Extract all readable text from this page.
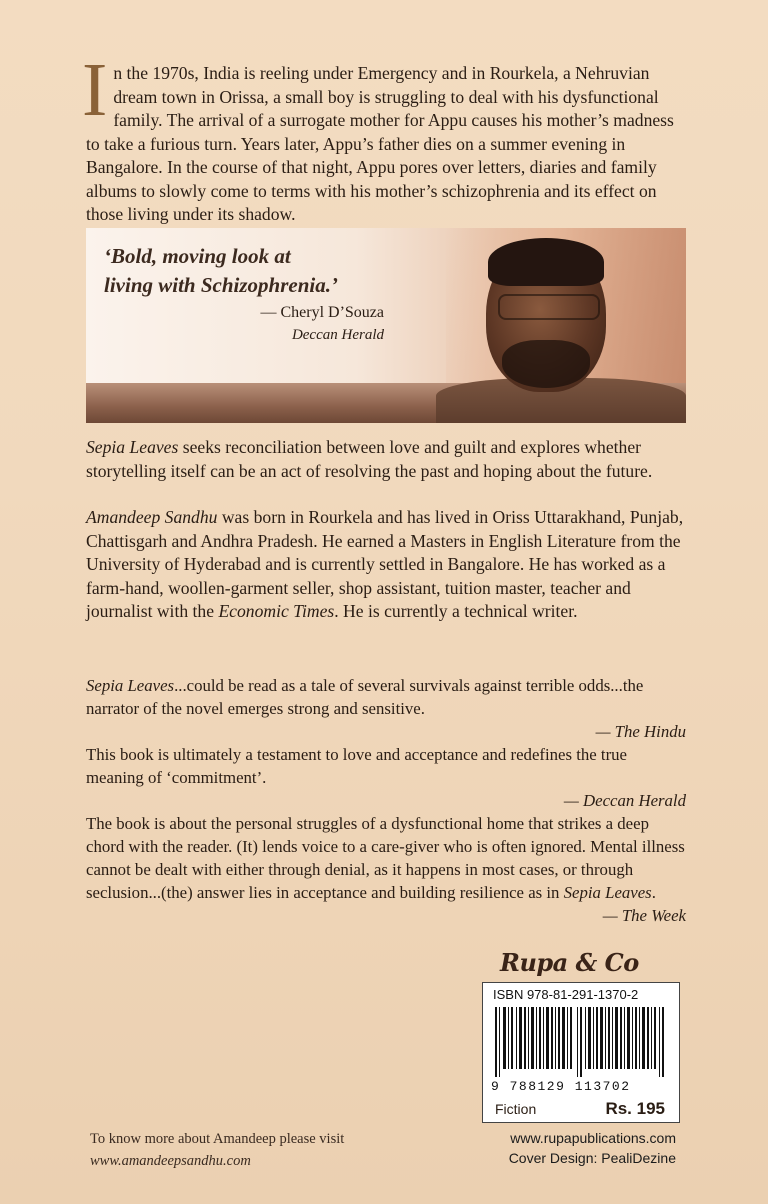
In the 1970s, India is reeling under Emergency and in Rourkela, a Nehruvian dream town in Orissa, a small boy is struggling to deal with his dysfunctional family. The arrival of a surrogate mother for Appu causes his mother’s madness to take a furious turn. Years later, Appu’s father dies on a summer evening in Bangalore. In the course of that night, Appu pores over letters, diaries and family albums to slowly come to terms with his mother’s schizophrenia and its effect on those living under its shadow.
‘Bold, moving look at
living with Schizophrenia.’
— Cheryl D’Souza
Deccan Herald
Sepia Leaves seeks reconciliation between love and guilt and explores whether storytelling itself can be an act of resolving the past and hoping about the future.
Amandeep Sandhu was born in Rourkela and has lived in Oriss Uttarakhand, Punjab, Chattisgarh and Andhra Pradesh. He earned a Masters in English Literature from the University of Hyderabad and is currently settled in Bangalore. He has worked as a farm-hand, woollen-garment seller, shop assistant, tuition master, teacher and journalist with the Economic Times. He is currently a technical writer.
Sepia Leaves...could be read as a tale of several survivals against terrible odds...the narrator of the novel emerges strong and sensitive.
— The Hindu
This book is ultimately a testament to love and acceptance and redefines the true meaning of ‘commitment’.
— Deccan Herald
The book is about the personal struggles of a dysfunctional home that strikes a deep chord with the reader. (It) lends voice to a care-giver who is often ignored. Mental illness cannot be dealt with either through denial, as it happens in most cases, or through seclusion...(the) answer lies in acceptance and building resilience as in Sepia Leaves.
— The Week
Rupa & Co
ISBN 978-81-291-1370-2
9 788129 113702
Fiction	Rs. 195
To know more about Amandeep please visit
www.amandeepsandhu.com
www.rupapublications.com
Cover Design: PealiDezine
